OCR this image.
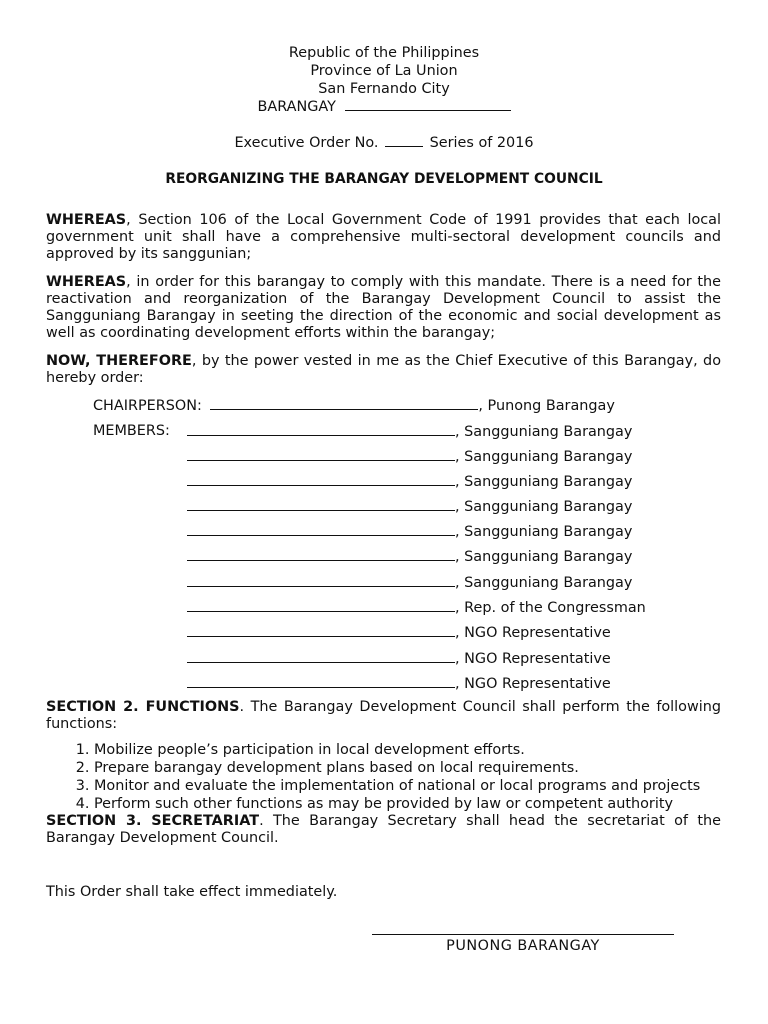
Republic of the Philippines
Province of La Union
San Fernando City
BARANGAY
Executive Order No.	Series of 2016
REORGANIZING THE BARANGAY DEVELOPMENT COUNCIL
WHEREAS, Section 106 of the Local Government Code of 1991 provides that each local government unit shall have a comprehensive multi-sectoral development councils and approved by its sanggunian;
WHEREAS, in order for this barangay to comply with this mandate. There is a need for the reactivation and reorganization of the Barangay Development Council to assist the Sangguniang Barangay in seeting the direction of the economic and social development as well as coordinating development efforts within the barangay;
NOW, THEREFORE, by the power vested in me as the Chief Executive of this Barangay, do hereby order:
CHAIRPERSON:	, Punong Barangay
MEMBERS:	, Sangguniang Barangay
, Sangguniang Barangay
, Sangguniang Barangay
, Sangguniang Barangay
, Sangguniang Barangay
, Sangguniang Barangay
, Sangguniang Barangay
, Rep. of the Congressman
, NGO Representative
, NGO Representative
, NGO Representative
SECTION 2. FUNCTIONS. The Barangay Development Council shall perform the following functions:
1. Mobilize people’s participation in local development efforts.
2. Prepare barangay development plans based on local requirements.
3. Monitor and evaluate the implementation of national or local programs and projects
4. Perform such other functions as may be provided by law or competent authority
SECTION 3. SECRETARIAT. The Barangay Secretary shall head the secretariat of the Barangay Development Council.
This Order shall take effect immediately.
PUNONG BARANGAY
